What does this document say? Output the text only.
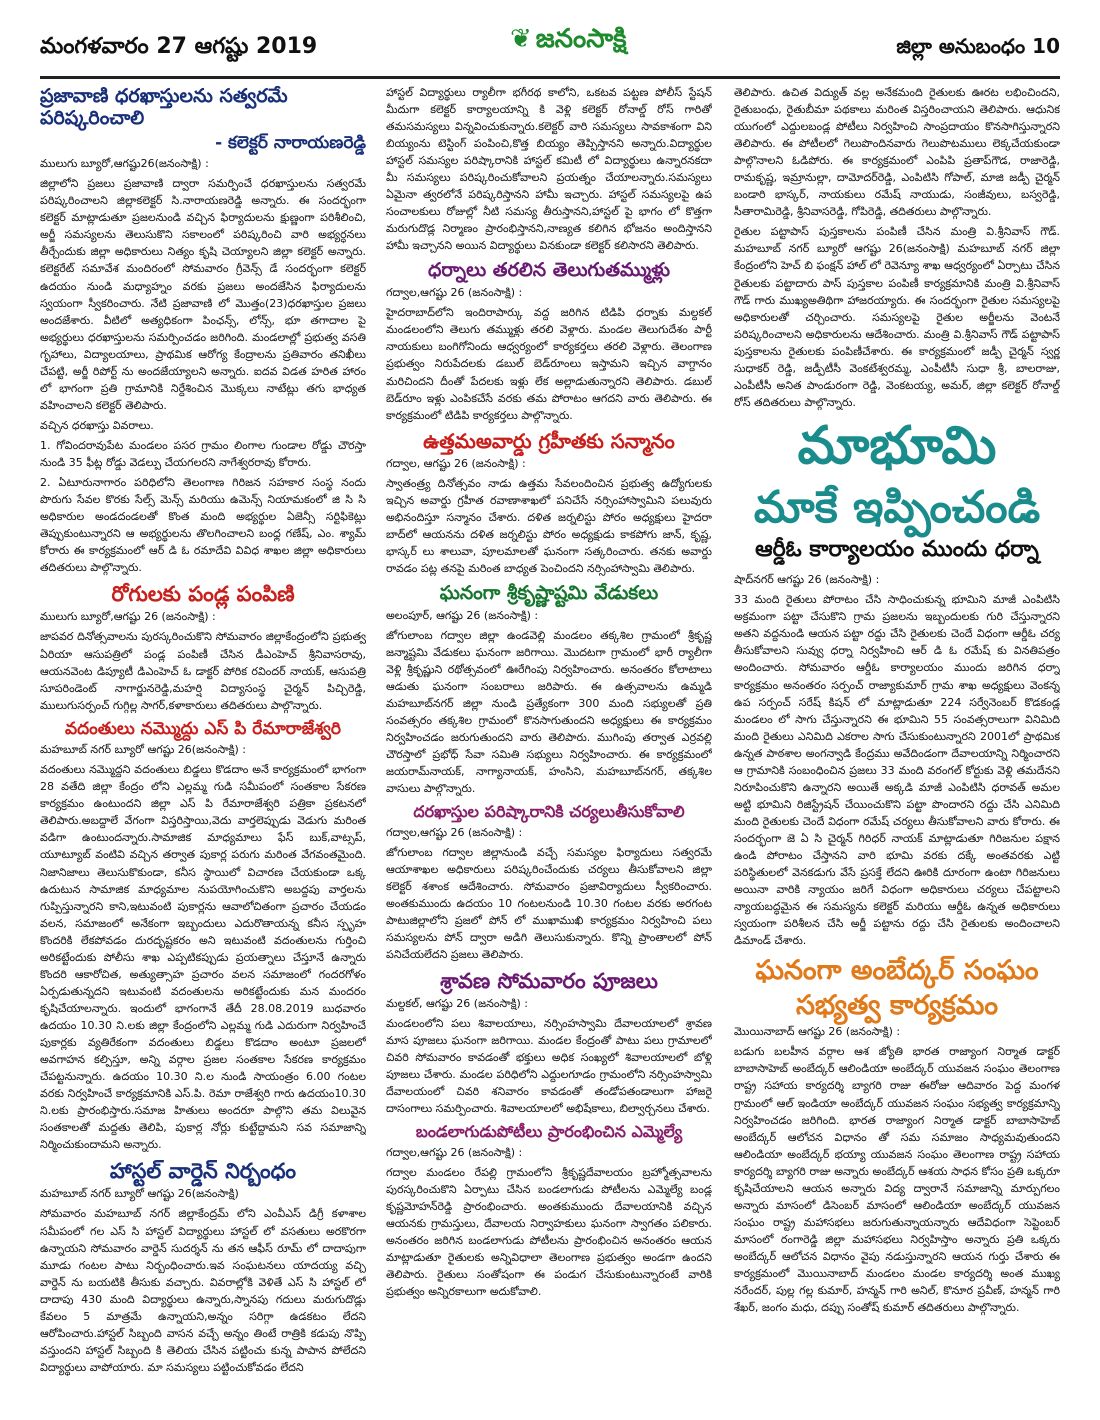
మంగళవారం 27 ఆగష్టు 2019	❦ జనంసాక్షి	జిల్లా అనుబంధం 10
ప్రజావాణి ధరఖాస్తులను సత్వరమే పరిష్కరించాలి
- కలెక్టర్ నారాయణరెడ్డి
ములుగు బ్యూరో,ఆగష్టు26(జనంసాక్షి) :

జిల్లాలోని ప్రజలు ప్రజావాణి ద్వారా సమర్పించే ధరఖాస్తులను సత్వరమే పరిష్కరించాలని జిల్లాకలెక్టర్ సి.నారాయణరెడ్డి అన్నారు. ఈ సందర్భంగా కలెక్టర్ మాట్లాడుతూ ప్రజలనుండి వచ్చిన ఫిర్యాదులను క్షుణ్ణంగా పరిశీలించి, అర్జీ సమస్యలను తెలుసుకొని సకాలంలో పరిష్కరించి వారి అభ్యర్ధనలు తీర్చేందుకు జిల్లా అధికారులు నిత్యం కృషి చెయ్యాలని జిల్లా కలెక్టర్ అన్నారు. కలెక్టరేట్ సమావేశ మందిరంలో సోమవారం గ్రీవెన్స్ డే సందర్భంగా కలెక్టర్ ఉదయం నుండి మధ్యాహ్నం వరకు ప్రజలు అందజేసిన ఫిర్యాదులను స్వయంగా స్వీకరించారు. నేటి ప్రజావాణి లో మొత్తం(23)ధరఖాస్తుల ప్రజలు అందజేశారు. వీటిలో అత్యధికంగా పింఛన్స్, లోన్స్, భూ తగాదాల పై అభ్యర్థులు ధరఖాస్తులను సమర్పించడం జరిగింది. మండలాల్లో ప్రభుత్వ వసతి గృహాలు, విద్యాలయాలు, ప్రాథమిక ఆరోగ్య కేంద్రాలను ప్రతివారం తనిఖీలు చేపట్టి, అర్జీ రిపోర్ట్ ను అందజేయ్యాలని అన్నారు. ఐదవ విడత హరిత హారం లో భాగంగా ప్రతి గ్రామానికి నిర్దేశించిన మొక్కలు నాటేట్లు తగు భాధ్యత వహించాలని కలెక్టర్ తెలిపారు.

వచ్చిన ధరఖాస్తు వివరాలు.

1. గోవిందరావుపేట మండలం పసర గ్రామం లింగాల గుండాల రోడ్డు చౌరస్తా నుండి 35 ఫీట్ల రోడ్డు వెడల్పు చేయగలరని నాగేశ్వరరావు కోరారు.

2. ఏటూరునాగారం పరిధిలోని తెలంగాణ గిరిజన సహకార సంస్థ నందు పొరుగు సేవల కొరకు సేల్స్ మెన్స్ మరియు ఉమెన్స్ నియామకంలో జి సి సి అధికారుల అండదండలతో కొంత మంది అభ్యర్థుల ఏజెన్సీ సర్టిఫికెట్లు తెప్పుకుంటున్నారని ఆ అభ్యర్థులను తొలగించాలని బంధ్ల గణేష్, ఎం. శ్యామ్ కోరారు ఈ కార్యక్రమంలో ఆర్ డి ఓ రమాదేవి వివిధ శాఖల జిల్లా అధికారులు తదితరులు పాల్గొన్నారు.

రోగులకు పండ్ల పంపిణి
ములుగు బ్యూరో,ఆగష్టు 26 (జనంసాక్షి) :

జాపవర దినోత్సవాలను పురస్కరించుకొని సోమవారం జిల్లాకేంద్రంలోని ప్రభుత్వ ఏరియా ఆసుపత్రిలో పండ్ల పంపిణీ చేసిన డీఎంహెచ్ శ్రీనివాసరావు, ఆయనవెంట డిప్యూటీ డిఎంహెచ్ ఓ డాక్టర్ పోరిక రవిందర్ నాయక్, ఆసుపత్రి సూపరిండెంట్ నాగార్జునరెడ్డి,మహర్షి విద్యాసంస్థ చైర్మన్ పిచ్చిరెడ్డి, ములుగుసర్పంచ్ గుగ్గిల్ల సాగర్,కళాకారులు తదితరులు పాల్గొన్నారు.

వదంతులు నమ్మొద్దు ఎస్ పి రేమారాజేశ్వరి
మహబూబ్ నగర్ బ్యూరో ఆగష్టు 26(జనంసాక్షి) :

వదంతులు నమ్మొద్దని వదంతులు బిడ్డలు కొడదాం అనే కార్యక్రమంలో భాగంగా 28 వతేది జిల్లా కేంద్రం లోని ఎల్లమ్మ గుడి సమీపంలో సంతకాల సేకరణ కార్యక్రమం ఉంటుందని జిల్లా ఎస్ పి రేమారాజేశ్వరి పత్రికా ప్రకటనలో తెలిపారు.అబద్దాలే వేగంగా విస్తరిస్తాయి,వెదు వార్తలెప్పుడు వెడుగు మరింత వడిగా ఉంటుందన్నారు.సామాజిక మాధ్యమాలు ఫేస్ బుక్,వాట్సప్, యూట్యూబ్ వంటివి వచ్చిన తర్వాత పుకార్ల పరుగు మరింత వేగవంతమైంది. నిజానిజాలు తెలుసుకొకుండా, కనీస స్థాయిలో విచారణ చేయకుండా ఒక్క ఉదుటున సామాజిక మాధ్యమాల నుపయోగించుకొని అబద్దపు వార్తలను గుప్పిస్తున్నారని కాని,ఇటువంటి పుకార్లను ఆవాలోచితంగా ప్రచారం చేయడం వలన, సమాజంలో అనేకంగా ఇబ్బందులు ఎదురొతాయన్న కనీస స్పృహ కొందరికి లేకపోవడం దురదృష్టకరం అని ఇటువంటి వదంతులను గుర్తించి అరికట్టేందుకు పోలీసు శాఖ ఎప్పటికప్పుడు ప్రయత్నాలు చేస్తూనే ఉన్నారు కొందరి ఆకారోచిత, అత్యుత్సాహ ప్రచారం వలన సమాజంలో గందరగోళం ఏర్పడుతున్నదని ఇటువంటి వదంతులను అరికట్టేందుకు మన మందరం కృషిచేయాలన్నారు. ఇందులో భాగంగానే తేదీ 28.08.2019 బుధవారం ఉదయం 10.30 ని.లకు జిల్లా కేంద్రంలోని ఎల్లమ్మ గుడి ఎదురుగా నిర్వహించే పుకార్లకు వ్యతిరేకంగా వదంతులు బిడ్డలు కొడదాం అంటూ ప్రజలలో అవగాహన కల్పిస్తూ, అన్ని వర్గాల ప్రజల సంతకాల సేకరణ కార్యక్రమం చేపట్టనున్నారు. ఉదయం 10.30 ని.ల నుండి సాయంత్రం 6.00 గంటల వరకు నిర్వహించే కార్యక్రమానికి ఎస్.పి. రెమా రాజేశ్వరి గారు ఉదయం10.30 ని.లకు ప్రారంభిస్తారు.సమాజ హితులు అందరూ పాల్గొని తమ విలువైన సంతకాలతో మద్దతు తెలిపి, పుకార్ల నోర్లు కుట్టేద్దామని సవ సమాజాన్ని నిర్మించుకుందామని అన్నారు.

హాస్టల్ వార్డెన్ నిర్బంధం
మహబూబ్ నగర్ బ్యూరో ఆగష్టు 26(జనంసాక్షి)

సోమవారం మహబూబ్ నగర్ జిల్లాకేంద్రమ్ లోని ఎంవీఎస్ డిగ్రీ కళాశాల సమీపంలో గల ఎస్ సి హాస్టల్ విద్యార్థులు హాస్టల్ లో వసతులు అరకొరగా ఉన్నాయని సోమవారం వార్డెన్ సుదర్శన్ ను తన ఆఫీస్ రూమ్ లో దాదాపుగా మూడు గంటల పాటు నిర్బంధించారు.ఇవ సంఘటనలు యాదయ్య వచ్చి వార్డెన్ ను బయటికి తీసుకు వచ్చారు. వివరాల్లోకి వెళితే ఎస్ సి హాస్టల్ లో దాదాపు 430 మంది విద్యార్థులు ఉన్నారు,స్నానపు గదులు మరుగుదొడ్లు కేవలం 5 మాత్రమే ఉన్నాయని,అన్నం సరిగ్గా ఉడకటం లేదని ఆరోపించారు.హాస్టల్ సిబ్బంది వాసన వచ్చే అన్నం తింటే రాత్రికి కడుపు నొప్పి వస్తుందని హాస్టల్ సిబ్బంది కి తెలియ చేసిన పట్టించు కున్న పాపాన పోలేదని విద్యార్థులు వాపోయారు. మా సమస్యలు పట్టించుకోవడం లేదని

హాస్టల్ విద్యార్థులు ర్యాలీగా భగీరథ కాలోని, ఒకటవ పట్టణ పోలీస్ స్టేషన్ మీదుగా కలెక్టర్ కార్యాలయాన్ని కి వెళ్లి కలెక్టర్ రోనాల్డ్ రోస్ గారితో తమసమస్యలు విన్నవించుకున్నారు.కలెక్టర్ వారి సమస్యలు సావకాశంగా విని బియ్యంను టెస్టింగ్ పంపించి,కొత్త బియ్యం తెప్పిస్తానని అన్నారు.విద్యార్థుల హాస్టల్ సమస్యల పరిష్కారానికి హాస్టల్ కమిటీ లో విద్యార్థులు ఉన్నారనకదా మీ సమస్యలు పరిష్కరించుకోవాలని ప్రయత్నం చేయాలన్నారు.సమస్యలు ఏమైనా త్వరలోనే పరిష్కరిస్తానని హామీ ఇచ్చారు. హాస్టల్ సమస్యలపై ఉప సంచాలకులు రోజుల్లో నీటి సమస్య తీరుస్తానని,హాస్టల్ పై భాగం లో కొత్తగా మరుగుదొడ్ల నిర్మాణం ప్రారంభిస్తానని,నాణ్యత కలిగిన భోజనం అందిస్తానని హామీ ఇచ్చానని అయిన విద్యార్థులు వినకుండా కలెక్టర్ కలిసారని తెలిపారు.

ధర్నాలు తరలిన తెలుగుతమ్ముళ్లు
గద్వాల,ఆగష్టు 26 (జనంసాక్షి) :

హైదరాబాద్‌లోని ఇందిరాపార్కు వద్ద జరిగిన టిడిపి ధర్నాకు మల్దకల్ మండలంలోని తెలుగు తమ్ముళ్లు తరలి వెళ్లారు. మండల తెలుగుదేశం పార్టీ నాయకులు బంగిగోనిందు ఆధ్వర్యంలో కార్యకర్తలు తరలి వెళ్లారు. తెలంగాణ ప్రభుత్వం నిరుపేదలకు డబుల్ బెడ్‌రూంలు ఇస్తామని ఇచ్చిన వాగ్దానం మరిచిందని దీంతో పేదలకు ఇళ్లు లేక అల్లాడుతున్నారని తెలిపారు. డబుల్ బెడ్‌రూం ఇళ్లు ఎంపికచేసే వరకు తమ పోరాటం ఆగదని వారు తెలిపారు. ఈ కార్యక్రమంలో టిడిపి కార్యకర్తలు పాల్గొన్నారు.

ఉత్తమఅవార్డు గ్రహీతకు సన్మానం
గద్వాల, ఆగష్టు 26 (జనంసాక్షి) :

స్వాతంత్ర్య దినోత్సవం నాడు ఉత్తమ సేవలందించిన ప్రభుత్వ ఉద్యోగులకు ఇచ్చిన అవార్డు గ్రహీత రవాణాశాఖలో పనిచేసే నర్సింహాస్వామిని పలువురు అభినందిస్తూ సన్మానం చేశారు. దళిత జర్నలిస్టు పోరం అధ్యక్షులు హైదరా బాద్‌లో ఆయనను దళిత జర్నలిస్టు పోరం అధ్యక్షుడు కాకపోగు జాన్, కృష్ణ, భాస్కర్ లు శాలువా, పూలమాలతో ఘనంగా సత్కరించారు. తనకు అవార్డు రావడం పట్ల తనపై మరింత బాధ్యత పెంచిందని నర్సింహాస్వామి తెలిపారు.

ఘనంగా శ్రీకృష్ణాష్టమి వేడుకలు
అలంపూర్, ఆగష్టు 26 (జనంసాక్షి) :

జోగులాంబ గద్వాల జిల్లా ఉండవెల్లి మండలం తక్కశిల గ్రామంలో శ్రీకృష్ణ జన్మాష్టమి వేడుకలు ఘనంగా జరిగాయి. మొదటగా గ్రామంలో భారీ ర్యాలీగా వెళ్లి శ్రీకృష్ణుని రథోత్సవంలో ఊరేగింపు నిర్వహించారు. అనంతరం కోలాటాలు ఆడుతు ఘనంగా సంబరాలు జరిపారు. ఈ ఉత్సవాలను ఉమ్మడి మహబూబ్‌నగర్ జిల్లా నుండి ప్రత్యేకంగా 300 మంది సభ్యులతో ప్రతి సంవత్సరం తక్కశిల గ్రామంలో కొనసాగుతుందని అధ్యక్షులు ఈ కార్యక్రమం నిర్వహించడం జరుగుతుందని వారు తెలిపారు. ముగింపు తర్వాత ఎర్రవల్లి చౌరస్తాలో ప్రభోధ్ సేవా సమితి సభ్యులు నిర్వహించారు. ఈ కార్యక్రమంలో జయరామ్‌నాయక్, నాగ్యానాయక్, హంసిని, మహబూబ్‌నగర్, తక్కశిల వాసులు పాల్గొన్నారు.

దరఖాస్తుల పరిష్కారానికి చర్యలుతీసుకోవాలి
గద్వాల,ఆగష్టు 26 (జనంసాక్షి) :

జోగులాంబ గద్వాల జిల్లానుండి వచ్చే సమస్యల ఫిర్యాదులు సత్వరమే ఆయాశాఖల అధికారులు పరిష్కరించేందుకు చర్యలు తీసుకోవాలని జిల్లా కలెక్టర్ శశాంక ఆదేశించారు. సోమవారం ప్రజావిర్యాదులు స్వీకరించారు. అంతకుముందు ఉదయం 10 గంటలనుండి 10.30 గంటల వరకు అరగంట పాటుజిల్లాలోని ప్రజలో పోన్ లో ముఖాముఖి కార్యక్రమం నిర్వహించి పలు సమస్యలను పోన్ ద్వారా అడిగి తెలుసుకున్నారు. కొన్ని ప్రాంతాలలో పోన్ పనిచేయలేదని ప్రజలు తెలిపారు.

శ్రావణ సోమవారం పూజలు
మల్దకల్, ఆగష్టు 26 (జనంసాక్షి) :

మండలంలోని పలు శివాలయాలు, నర్సింహస్వామి దేవాలయాలలో శ్రావణ మాస పూజలు ఘనంగా జరిగాయి. మండల కేంద్రంతో పాటు పలు గ్రామాలలో చివరి సోమవారం కావడంతో భక్తులు అధిక సంఖ్యలో శివాలయాలలో బోళ్లి పూజలు చేశారు. మండల పరిధిలోని ఎద్దులగూడం గ్రామంలోని నర్సింహస్వామి దేవాలయంలో చివరి శనివారం కావడంతో తండోపతండాలుగా హాజరై దాసంగాలు సమర్పించారు. శివాలయాలలో అభిషేకాలు, బిల్వార్చనలు చేశారు.

బండలాగుడుపోటీలు ప్రారంభించిన ఎమ్మెల్యే
గద్వాల,ఆగష్టు 26 (జనంసాక్షి) :

గద్వాల మండలం రేపల్లి గ్రామంలోని శ్రీకృష్ణదేవాలయం బ్రహ్మోత్సవాలను పురస్కరించుకొని ఏర్పాటు చేసిన బండలాగుడు పోటీలను ఎమ్మెల్యే బండ్ల కృష్ణమోహన్‌రెడ్డి ప్రారంభించారు. అంతకుముందు దేవాలయానికి వచ్చిన ఆయనకు గ్రామస్తులు, దేవాలయ నిర్వాహకులు ఘనంగా స్వాగతం పలికారు. అనంతరం జరిగిన బండలాగుడు పోటీలను ప్రారంభించిన అనంతరం ఆయన మాట్లాడుతూ రైతులకు అన్నివిధాలా తెలంగాణ ప్రభుత్వం అండగా ఉందని తెలిపారు. రైతులు సంతోషంగా ఈ పండుగ చేసుకుంటున్నారంటే వారికి ప్రభుత్వం అన్నిరకాలుగా అదుకోవాలి.

తెలిపారు. ఉచిత విద్యుత్ వల్ల అనేకమంది రైతులకు ఊరట లభించిందని, రైతుబంధు, రైతుబీమా పథకాలు మరింత విస్తరించాయని తెలిపారు. ఆధునిక యుగంలో ఎద్దులబండ్ల పోటీలు నిర్వహించి సాంప్రదాయం కొనసాగిస్తున్నారని తెలిపారు. ఈ పోటీలలో గెలుపొందినవారు గెలుపొటములు లెక్కచేయకుండా పాల్గొనాలని ఓడిపోరు. ఈ కార్యక్రమంలో ఎంపిపి ప్రతాప్‌గౌడ, రాజారెడ్డి, రామకృష్ణ, ఇమ్రానుల్లా, దామోదర్‌రెడ్డి, ఎంపిటిసి గోపాల్, మాజి జడ్పీ చైర్మన్ బండారి భాస్కర్, నాయకులు రమేష్ నాయుడు, సంజీవులు, బస్వరెడ్డి, సీతారామిరెడ్డి, శ్రీనివాసరెడ్డి, గోపిరెడ్డి, తదితరులు పాల్గొన్నారు.

రైతుల పట్టాపాస్ పుస్తకాలను పంపిణీ చేసిన మంత్రి వి.శ్రీనివాస్ గౌడ్. మహబూబ్ నగర్ బ్యూరో ఆగష్టు 26(జనంసాక్షి) మహబూబ్ నగర్ జిల్లా కేంద్రంలోని హెచ్ బి ఫంక్షన్ హాల్ లో రెవెన్యూ శాఖ ఆధ్వర్యంలో ఏర్పాటు చేసిన రైతులకు పట్టాదారు పాస్ పుస్తకాల పంపిణీ కార్యక్రమానికి మంత్రి వి.శ్రీనివాస్ గౌడ్ గారు ముఖ్యఅతిథిగా హాజరయ్యారు. ఈ సందర్భంగా రైతుల సమస్యలపై అధికారులతో చర్చించారు. సమస్యలపై రైతుల అర్జీలను వెంటనే పరిష్కరించాలని అధికారులను ఆదేశించారు. మంత్రి వి.శ్రీనివాస్ గౌడ్ పట్టాపాస్ పుస్తకాలను రైతులకు పంపిణీచేశారు. ఈ కార్యక్రమంలో జడ్పీ చైర్మన్ స్వర్ణ సుధాకర్ రెడ్డి, జడ్పీటీసీ వెంకటేశ్వరమ్మ, ఎంపీటీసీ సుధా శ్రీ, బాలరాజు, ఎంపీటీసీ అనిత పాండురంగా రెడ్డి, వెంకటయ్య, అమర్, జిల్లా కలెక్టర్ రోనాల్డ్ రోస్ తదితరులు పాల్గొన్నారు.

మాభూమి
మాకే ఇప్పించండి
ఆర్డీఓ కార్యాలయం ముందు ధర్నా
షాద్‌నగర్ ఆగష్టు 26 (జనంసాక్షి) :

33 మంది రైతులు పోరాటం చేసి సాధించుకున్న భూమిని మాజీ ఎంపిటిసి అక్రమంగా పట్టా చేసుకొని గ్రామ ప్రజలను ఇబ్బందులకు గురి చేస్తున్నారని అతని వద్దనుండి ఆయన పట్టా రద్దు చేసి రైతులకు చెందే విధంగా ఆర్డీఓ చర్య తీసుకోవాలని సువ్వు ధర్నా నిర్వహించి ఆర్ డి ఓ రమేష్ కు వినతిపత్రం అందించారు. సోమవారం ఆర్డీఓ కార్యాలయం ముందు జరిగిన ధర్నా కార్యక్రమం అనంతరం సర్పంచ్ రాజ్యాకుమార్ గ్రామ శాఖ అధ్యక్షులు వెంకన్న ఉప సర్పంచ్ సరేష్ కిషన్ లో మాట్లాడుతూ 224 సర్వేనెంబర్ కొడకండ్ల మండలం లో సాగు చేస్తున్నారని ఈ భూమిని 55 సంవత్సరాలుగా వినిమిది మంది రైతులు ఎనిమిది ఎకరాల సాగు చేసుకుంటున్నారని 2001లో ప్రాథమిక ఉన్నత పాఠశాల అంగన్వాడి కేంద్రము అవేదిండంగా దేవాలయాన్ని నిర్మించారని ఆ గ్రామానికి సంబంధించిన ప్రజలు 33 మంది వరంగల్ కోర్టుకు వెళ్లి తమదేనని నిరూపించుకొని ఉన్నారని అయితే అక్కడి మాజీ ఎంపిటిసి ధరావత్ అమల అట్టి భూమిని రిజిస్ట్రేషన్ చేయించుకొని పట్టా పొందారని రద్దు చేసి ఎనిమిది మంది రైతులకు చెందే విధంగా రమేష్ చర్యలు తీసుకోవాలని వారు కోరారు. ఈ సందర్భంగా జె ఏ సి చైర్మన్ గిరిధర్ నాయక్ మాట్లాడుతూ గిరిజనుల పక్షాన ఉండి పోరాటం చేస్తానని వారి భూమి వరకు దక్కే అంతవరకు ఎట్టి పరిస్థితులలో వెనకడుగు వేసే ప్రసక్తే లేదని ఊరికి దూరంగా ఉంటా గిరిజనులు అయినా వారికి న్యాయం జరిగే విధంగా అధికారులు చర్యలు చేపట్టాలని న్యాయబద్ధమైన ఈ సమస్యను కలెక్టర్ మరియు ఆర్డీఓ ఉన్నత అధికారులు స్వయంగా పరిశీలన చేసి అర్జీ పట్టాను రద్దు చేసి రైతులకు అందించాలని డిమాండ్ చేశారు.

ఘనంగా అంబేద్కర్ సంఘం
సభ్యత్వ కార్యక్రమం
మొయినాబాద్ ఆగష్టు 26 (జనంసాక్షి) :

బడుగు బలహీన వర్గాల ఆశ జ్యోతి భారత రాజ్యాంగ నిర్మాత డాక్టర్ బాబాసాహెబ్ అంబేద్కర్ ఆలిండియా అంబేద్కర్ యువజన సంఘం తెలంగాణ రాష్ట్ర సహాయ కార్యదర్శి బ్యాగరి రాజు ఈరోజు ఆదివారం పెద్ద మంగళ గ్రామంలో ఆల్ ఇండియా అంబేద్కర్ యువజన సంఘం సభ్యత్వ కార్యక్రమాన్ని నిర్వహించడం జరిగింది. భారత రాజ్యాంగ నిర్మాత డాక్టర్ బాబాసాహెబ్ అంబేద్కర్ ఆలోచన విధానం తో సమ సమాజం సాధ్యమవుతుందని ఆలిండియా అంబేద్కర్ భయ్యా యువజన సంఘం తెలంగాణ రాష్ట్ర సహాయ కార్యదర్శి బ్యాగరి రాజు అన్నారు అంబేద్కర్ ఆశయ సాధన కోసం ప్రతి ఒక్కరూ కృషిచేయాలని ఆయన అన్నారు విద్య ద్వారానే సమాజాన్ని మార్పుగలం అన్నారు మాసంలో డిసెంబర్ మాసంలో ఆలిండియా అంబేద్కర్ యువజన సంఘం రాష్ట్ర మహాసభలు జరుగుతున్నాయన్నారు ఆదేవిధంగా సెప్టెంబర్ మాసంలో రంగారెడ్డి జిల్లా మహాసభలు నిర్వహిస్తాం అన్నారు ప్రతి ఒక్కరు అంబేద్కర్ ఆలోచన విధానం వైపు నడుస్తున్నారని ఆయన గుర్తు చేశారు ఈ కార్యక్రమంలో మొయినాబాద్ మండలం మండల కార్యదర్శి అంత ముఖ్య నరేందర్, పుల్ల గల్ల కుమార్, హన్మన్ గారి అనిల్, కొనూర ప్రవీణ్, హన్మన్ గారి శేఖర్, జంగం మధు, దప్పు సంతోష్ కుమార్ తదితరులు పాల్గొన్నారు.
